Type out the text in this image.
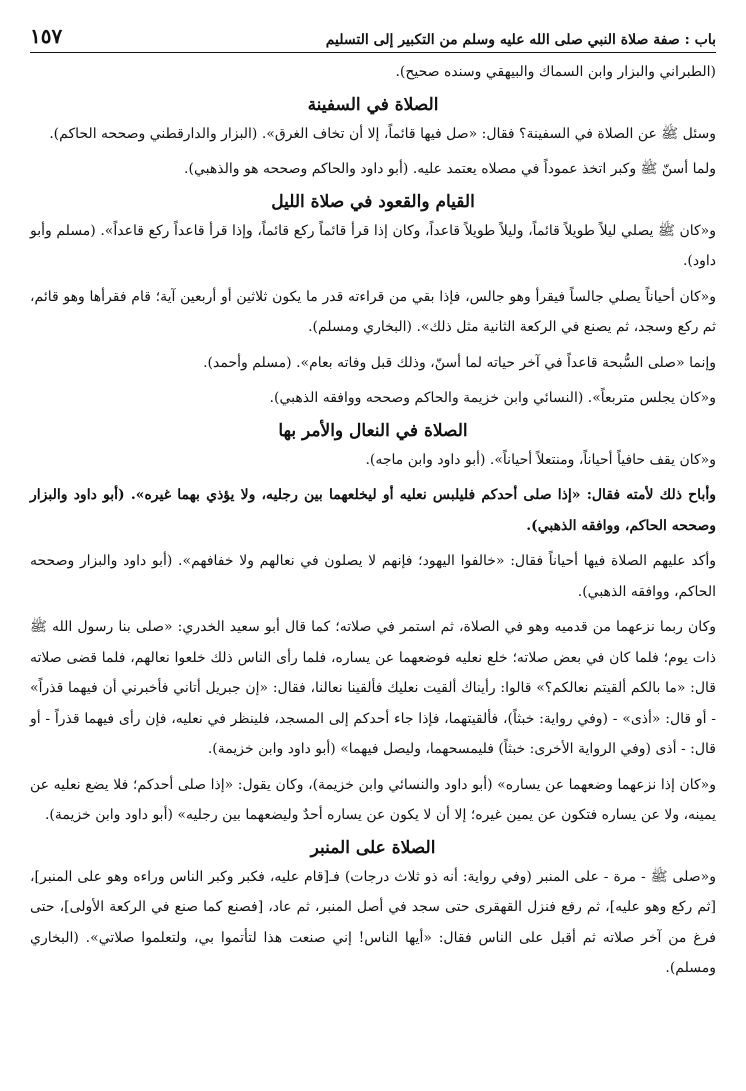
باب : صفة صلاة النبي صلى الله عليه وسلم من التكبير إلى التسليم
١٥٧

(الطبراني والبزار وابن السماك والبيهقي وسنده صحيح).

الصلاة في السفينة

وسئل ﷺ عن الصلاة في السفينة؟ فقال: «صل فيها قائماً، إلا أن تخاف الغرق». (البزار والدارقطني وصححه الحاكم).

ولما أسنّ ﷺ وكبر اتخذ عموداً في مصلاه يعتمد عليه. (أبو داود والحاكم وصححه هو والذهبي).

القيام والقعود في صلاة الليل

و«كان ﷺ يصلي ليلاً طويلاً قائماً، وليلاً طويلاً قاعداً، وكان إذا قرأ قائماً ركع قائماً، وإذا قرأ قاعداً ركع قاعداً». (مسلم وأبو داود).

و«كان أحياناً يصلي جالساً فيقرأ وهو جالس، فإذا بقي من قراءته قدر ما يكون ثلاثين أو أربعين آية؛ قام فقرأها وهو قائم، ثم ركع وسجد، ثم يصنع في الركعة الثانية مثل ذلك». (البخاري ومسلم).

وإنما «صلى السُّبحة قاعداً في آخر حياته لما أسنّ، وذلك قبل وفاته بعام». (مسلم وأحمد).

و«كان يجلس متربعاً». (النسائي وابن خزيمة والحاكم وصححه ووافقه الذهبي).

الصلاة في النعال والأمر بها

و«كان يقف حافياً أحياناً، ومنتعلاً أحياناً». (أبو داود وابن ماجه).

وأباح ذلك لأمته فقال: «إذا صلى أحدكم فليلبس نعليه أو ليخلعهما بين رجليه، ولا يؤذي بهما غيره». (أبو داود والبزار وصححه الحاكم، ووافقه الذهبي).

وأكد عليهم الصلاة فيها أحياناً فقال: «خالفوا اليهود؛ فإنهم لا يصلون في نعالهم ولا خفافهم». (أبو داود والبزار وصححه الحاكم، ووافقه الذهبي).

وكان ربما نزعهما من قدميه وهو في الصلاة، ثم استمر في صلاته؛ كما قال أبو سعيد الخدري: «صلى بنا رسول الله ﷺ ذات يوم؛ فلما كان في بعض صلاته؛ خلع نعليه فوضعهما عن يساره، فلما رأى الناس ذلك خلعوا نعالهم، فلما قضى صلاته قال: «ما بالكم ألقيتم نعالكم؟» قالوا: رأيناك ألقيت نعليك فألقينا نعالنا، فقال: «إن جبريل أتاني فأخبرني أن فيهما قذراً» - أو قال: «أذى» - (وفي رواية: خبثاً)، فألقيتهما، فإذا جاء أحدكم إلى المسجد، فلينظر في نعليه، فإن رأى فيهما قذراً - أو قال: - أذى (وفي الرواية الأخرى: خبثاً) فليمسحهما، وليصل فيهما» (أبو داود وابن خزيمة).

و«كان إذا نزعهما وضعهما عن يساره» (أبو داود والنسائي وابن خزيمة)، وكان يقول: «إذا صلى أحدكم؛ فلا يضع نعليه عن يمينه، ولا عن يساره فتكون عن يمين غيره؛ إلا أن لا يكون عن يساره أحدٌ وليضعهما بين رجليه» (أبو داود وابن خزيمة).

الصلاة على المنبر

و«صلى ﷺ - مرة - على المنبر (وفي رواية: أنه ذو ثلاث درجات) فـ[قام عليه، فكبر وكبر الناس وراءه وهو على المنبر]، [ثم ركع وهو عليه]، ثم رفع فنزل القهقرى حتى سجد في أصل المنبر، ثم عاد، [فصنع كما صنع في الركعة الأولى]، حتى فرغ من آخر صلاته ثم أقبل على الناس فقال: «أيها الناس! إني صنعت هذا لتأتموا بي، ولتعلموا صلاتي». (البخاري ومسلم).
